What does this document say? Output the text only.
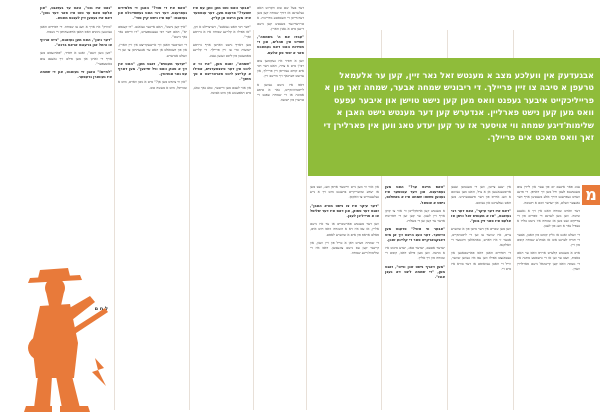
אבגעדעק אין וועלכע מצב א מענטש זאל נאר זיין, קען ער אלעמאל טרעפן א סיבה צו זיין פריילך. די ריבוניש שמחה אבער, שמחה זאך פון א פרייליכקייט איבער געפנט וואס מען קען נישט טוישן און איבער עפעס וואס מען קען נישט פארליין. אנדערש קען דער מענטש נישט האבן א שלימות'דיגע שמחה ווי אויסער אז ער קען יעדע טאג ווען אין פארלירן די זאך וואס מאכט אים פריילך.
מ

עגונ פאר אינעם ים פון צער און ליידן צום מענטשנס לעבן וויל מען זיך דארפן. די פרעג ווערט געפרעגט דורך אלע מענטשן אויף דער גאנצער וועלט, און יעדער זוכט א תשובה.

דער ווארט שמחה האט אין זיך א גאנצע שיטה. ווען מען לערנט די ספרים פון די צדיקים זעט מען אז שמחה איז נישט בלויז א געפיל נאר א וועג פון לעבן.

די וועלט זאגט אז גליק קומט פון האבן, אבער די תורה לערנט אונז אז אמת'ע שמחה קומט פון זיין.

אויב א מענטש קלערט ארויס וואס ער האט באמת, וועט ער זען אז די גרעסטע מתנה איז די נשמה וואס קען קיינמאל נישט פארלוירן ווערן.

אין יענע צייטן, ווען די מענטשן זענען ארומגעגאנגען אן א ציל, האט מען געזוכט א וועג ארויס פון דער פינצטערניש. מען האט געלערנט און געזוכט.

"דאס איז דער עיקר", האט דער רבי געזאגט, "אז א מענטש זאל וויסן אז אלעס איז פאר זיין גוטן".

ווען מען שטייט אין דער מיטן פון א שווערע צייט, איז שווער צו זען די ליכטיגקייט, אבער זי איז דארט, באהאלטן הינטער די וואלקנס.

די חסידים האבן דאס פארשטאנען און געטאנצט אפילו ווען עס איז געווען שווער, ווייל זיי האבן געוואוסט אז דער בורא איז מיט זיי.

"וואס מיינט ער?" האט מען געפרעגט. און דער ענטפער איז געווען פשוט: שמחה איז א באשלוס, נישט א צופאל.

א מענטש קען אויסקלייבן ווי אזוי צו קוקן אויף זיין לעבן. ער קען זען די חסרונות אדער ער קען זען די מעלות.

"אבער ווי אזוי?" פרעגט מען ווייטער. דער וועג הייבט זיך אן מיט דאנקבארקייט פאר די קליינע זאכן.

יעדער אטעם, יעדער טאג, יעדע מינוט איז א מתנה. ווען מען פילט דאס, קומט די שמחה פון זיך אליין.

"מען דארף נישט זוכן ווייט", זאגט מען, "די שמחה ליגט דא נעבן אונז".

און אזוי ווי מען גייט ווייטער אויפן וועג, זעט מען אז יעדע שוועריקייט ברענגט מיט זיך א נייע געלעגנהייט צו וואקסן.

"דער עיקר איז צו נישט מורא האבן", זאגט דער פסוק, און דאס איז דער שליסל צו א פרייליכן לעבן.

ווען דער מענטש פארשטייט אז ער איז נישט אליין, אז עס איז דא א השגחה וואס היט אים, פאלט אראפ פון אים א שווערע לאסט.

די שמחה ווערט דאן א טייל פון זיין וועזן, און קיינער קען עס נישט צונעמען. דאס איז די שלימות'דיגע שמחה.

דער בעל שם טוב הקדוש האט געלערנט אז דורך שמחה קען מען דערגרייכן די העכסטע מדריגות. א טרויעריגער מענטש קען נישט דינען מיט א גאנץ הארץ.

"עבדו את ה' בשמחה", שטייט אין תהלים, און די חסידות האט דאס געמאכט פאר א יסוד פון אלעס.

ווען א חסיד איז געקומען צום רבי'ן מיט א צרה, האט דער רבי אים קודם געהייסן זיין פריילך, און ערשט דערנאך זיך מיישב זיין.

דאס איז נישט געווען א לייכטזיניגקייט, נאר א טיפע אמונה אז די שמחה עפנט די טויערן פון ישועה.

"אבער וואס טוט מען ווען עס איז שווער?" פרעגט מען. דער ענטפער איז: מען הייבט אן קליין.

"דער רבי האט געזאגט", דערציילט א זקן, "אז אפילו א קליינע שמחה איז א גרויסע זאך".

מען דארף נישט ווארטן אויף גרויסע ישועות כדי צו זיין פריילך. די קליינע מאמענטן פון ליכט זענען גענוג.

"שמחה", זאגט מען, "איז ווי א ליכט אין דער פינצטערניש, אפילו א קליינע ליכט פארטרייבט א סך חושך".

און אזוי לעבט מען ווייטער, טאג נאך טאג, מיט האפענונג און מיט אמונה.

"וואס איז די סוד?" האבן די תלמידים געפרעגט. דער רבי האט געשמייכלט און געזאגט: "עס איז נישט קיין סוד".

"איך קען נישט", האט איינער געזאגט. "דו קענסט יא", האט דער רבי געענטפערט, "דו ווייסט נאר נאך נישט".

די ווערטער האבן זיך איינגעקריצט אין זיין הארץ, און פון דעמאלט אן האט ער אנגעהויבן צו זען די וועלט אנדערש.

"יעדער מענטש", זאגט מען, "האט אין זיך א פונק וואס וויל שיינען". מען דארף עס נאר אנצינדן.

"און ווי צינדט מען אן?" מיט א גוטן ווארט, מיט א שמייכל, מיט א מעשה טוב.

"גאט איז גוט", האט ער געזאגט, "און אלעס וואס ער טוט איז פאר דער גוטן". דאס איז געווען זיין לעבנס מאטא.

"מוזיק" איז אויך א וועג צו שמחה. די חסידים האבן געזונגען ניגונים וואס האבן אויפגעהויבן די נשמה.

"דער ניגון", האט מען געזאגט, "גייט ארויף צו הימל און ברענגט אראפ ברכה".

"ווען מען זינגט", זאגט א חסיד, "פארגעסט מען אויף די זארגן און מען פילט זיך נאענט צום באשעפער".

"לחיים!" האבן זיי געזאגט, און די שמחה איז געווארן גרעסער.

ל ח ם
